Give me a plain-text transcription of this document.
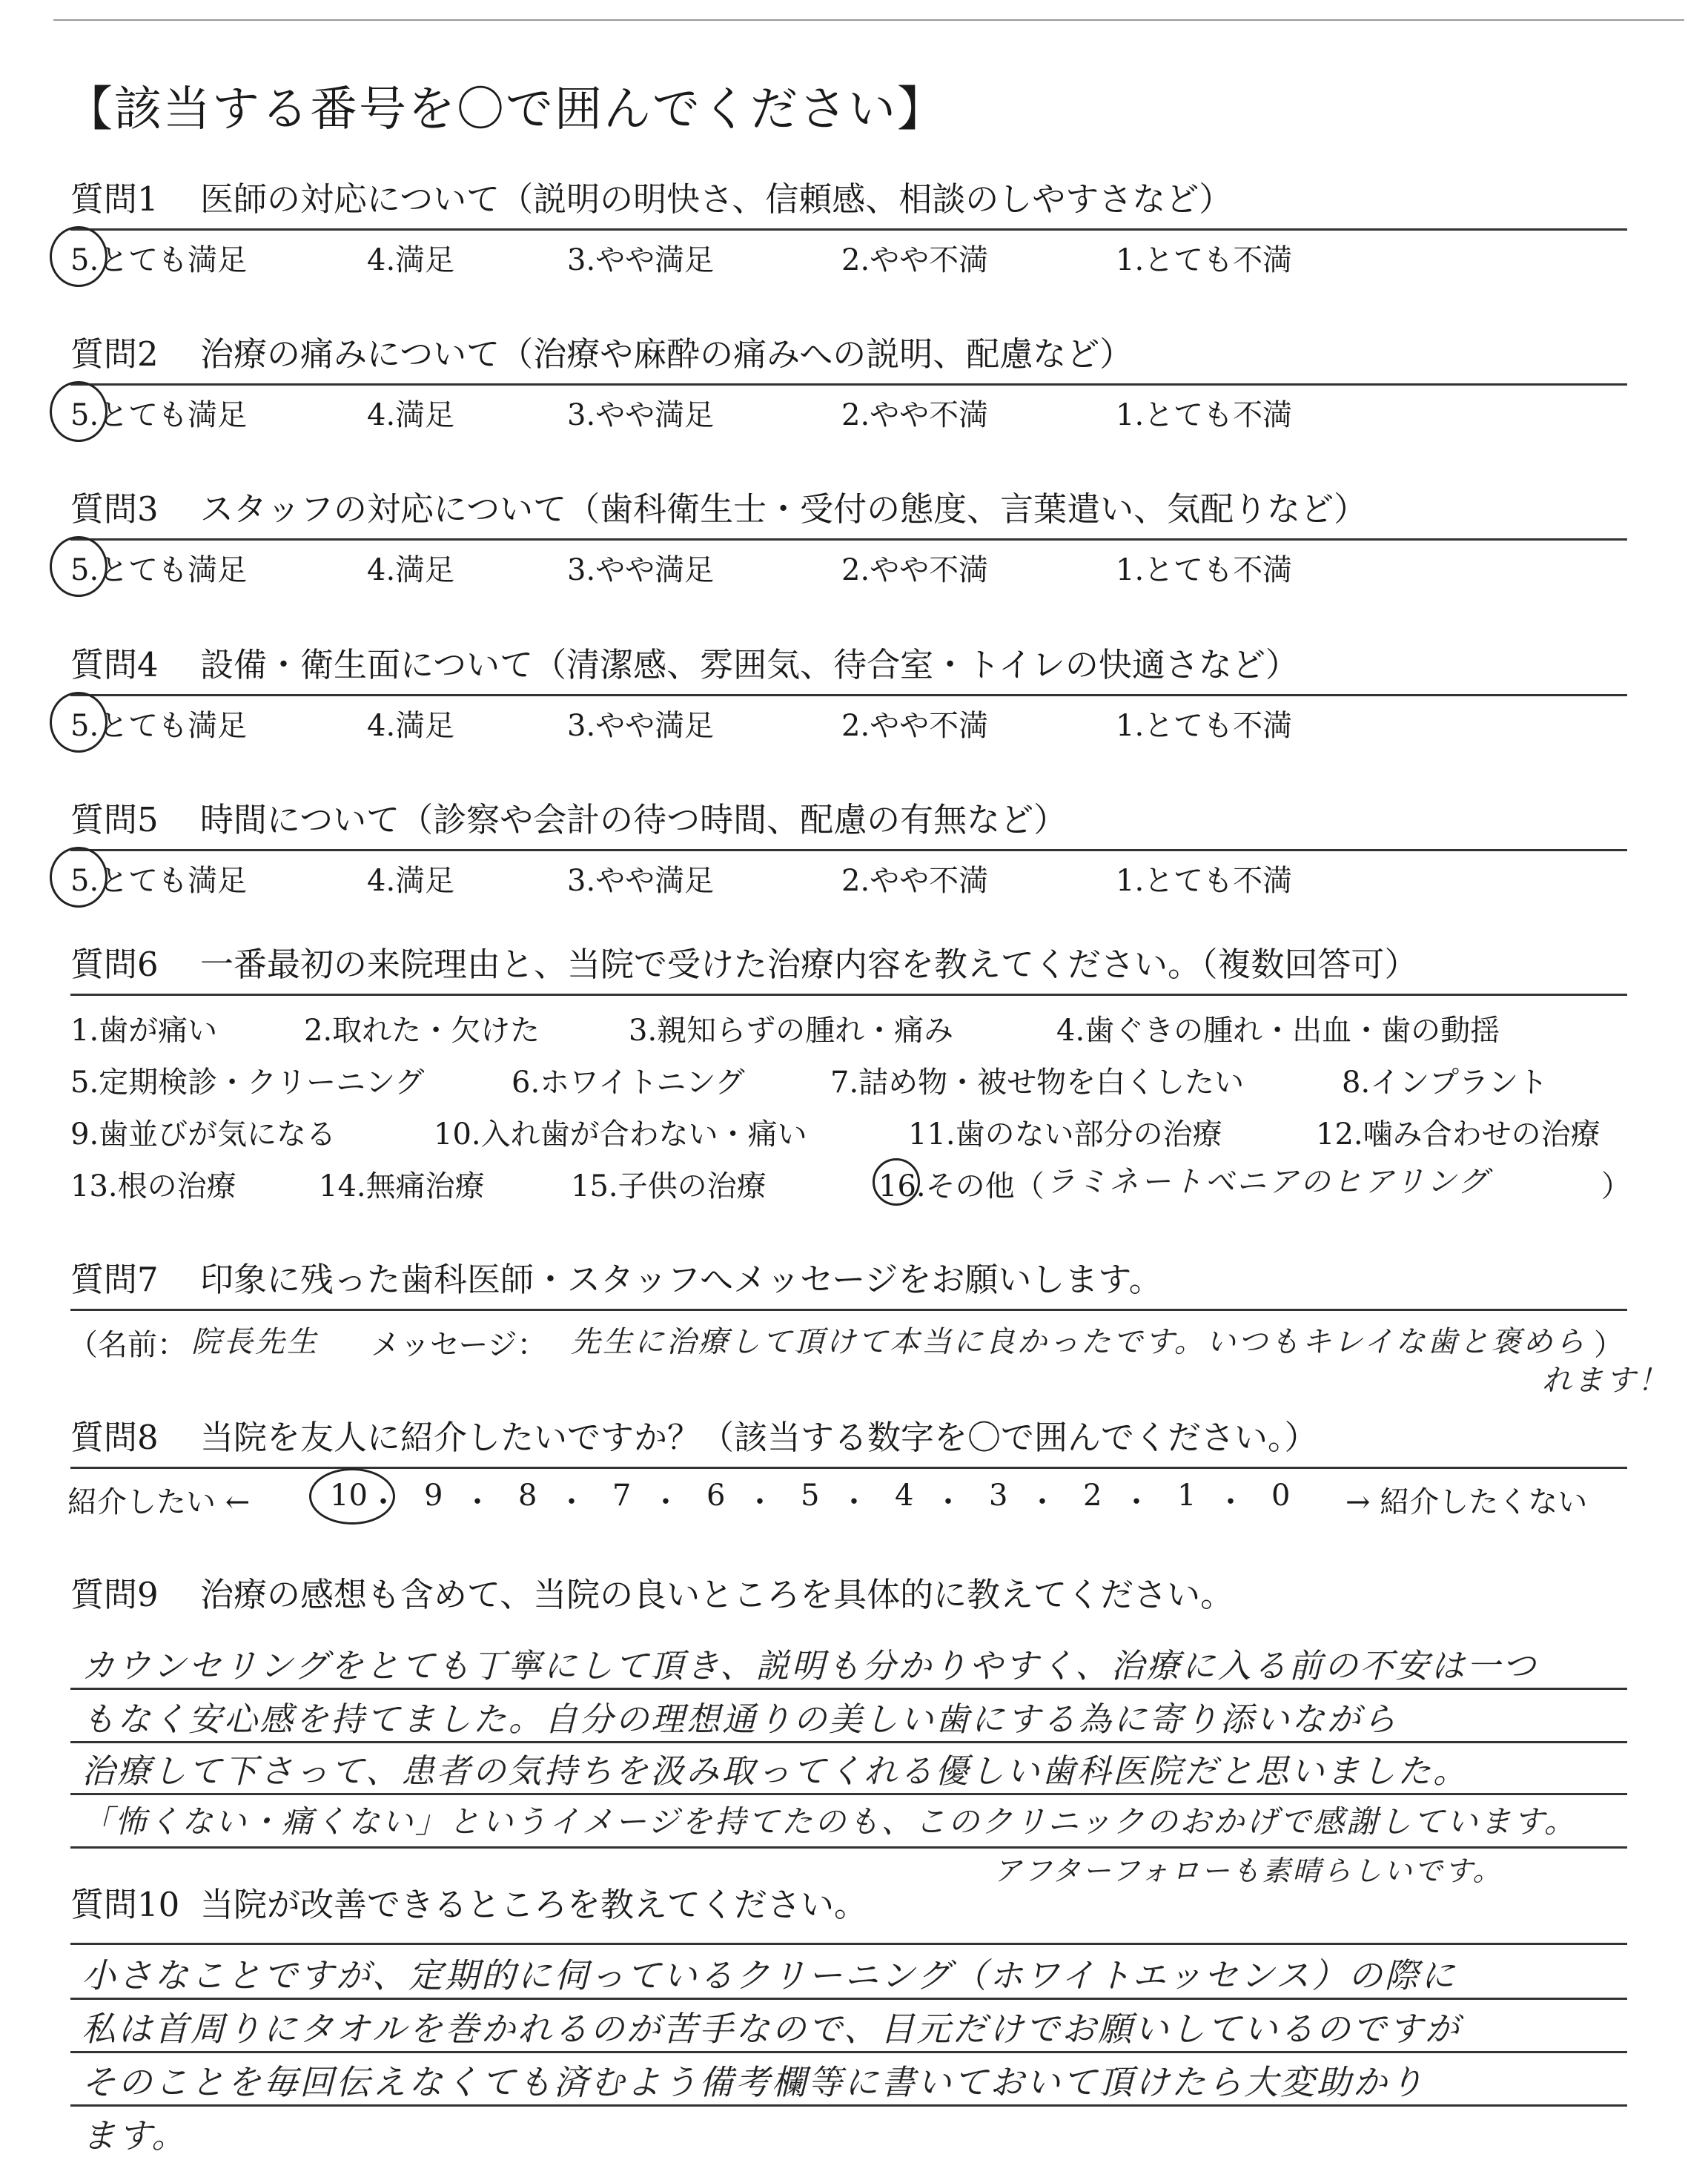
【該当する番号を〇で囲んでください】
質問1 医師の対応について（説明の明快さ、信頼感、相談のしやすさなど）
5.とても満足	4.満足	3.やや満足	2.やや不満	1.とても不満
質問2 治療の痛みについて（治療や麻酔の痛みへの説明、配慮など）
5.とても満足	4.満足	3.やや満足	2.やや不満	1.とても不満
質問3 スタッフの対応について（歯科衛生士・受付の態度、言葉遣い、気配りなど）
5.とても満足	4.満足	3.やや満足	2.やや不満	1.とても不満
質問4 設備・衛生面について（清潔感、雰囲気、待合室・トイレの快適さなど）
5.とても満足	4.満足	3.やや満足	2.やや不満	1.とても不満
質問5 時間について（診察や会計の待つ時間、配慮の有無など）
5.とても満足	4.満足	3.やや満足	2.やや不満	1.とても不満
質問6 一番最初の来院理由と、当院で受けた治療内容を教えてください。（複数回答可）
1.歯が痛い	2.取れた・欠けた	3.親知らずの腫れ・痛み	4.歯ぐきの腫れ・出血・歯の動揺
5.定期検診・クリーニング	6.ホワイトニング	7.詰め物・被せ物を白くしたい	8.インプラント
9.歯並びが気になる	10.入れ歯が合わない・痛い	11.歯のない部分の治療	12.噛み合わせの治療
13.根の治療	14.無痛治療	15.子供の治療	16.その他（ ラミネートベニアのヒアリング	）
質問7 印象に残った歯科医師・スタッフへメッセージをお願いします。
（名前： 院長先生 メッセージ：	）
先生に治療して頂けて本当に良かったです。いつもキレイな歯と褒めら
れます！
質問8 当院を友人に紹介したいですか？（該当する数字を〇で囲んでください。）
紹介したい ←	10 ・ 9 ・ 8 ・ 7 ・ 6 ・ 5 ・ 4 ・ 3 ・ 2 ・ 1 ・ 0 → 紹介したくない
質問9 治療の感想も含めて、当院の良いところを具体的に教えてください。
カウンセリングをとても丁寧にして頂き、説明も分かりやすく、治療に入る前の不安は一つ
もなく安心感を持てました。自分の理想通りの美しい歯にする為に寄り添いながら
治療して下さって、患者の気持ちを汲み取ってくれる優しい歯科医院だと思いました。
「怖くない・痛くない」というイメージを持てたのも、このクリニックのおかげで感謝しています。
アフターフォローも素晴らしいです。
質問10 当院が改善できるところを教えてください。
小さなことですが、定期的に伺っているクリーニング（ホワイトエッセンス）の際に
私は首周りにタオルを巻かれるのが苦手なので、目元だけでお願いしているのですが
そのことを毎回伝えなくても済むよう備考欄等に書いておいて頂けたら大変助かり
ます。
